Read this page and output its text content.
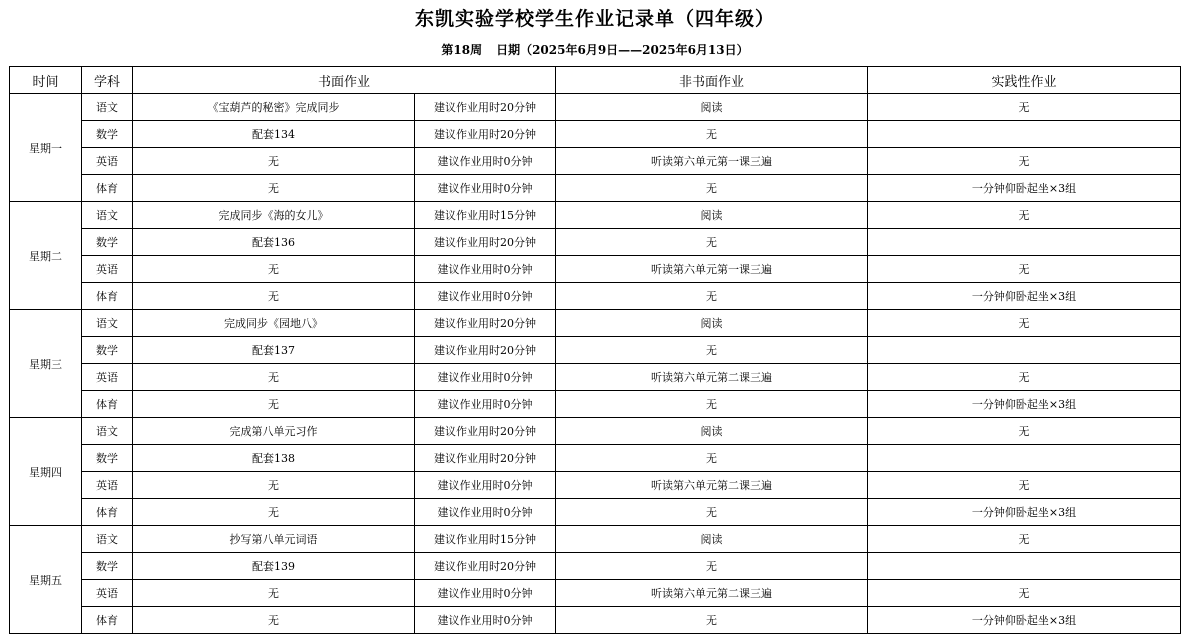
东凯实验学校学生作业记录单（四年级）
第18周 日期（2025年6月9日——2025年6月13日）
时间	学科	书面作业		非书面作业	实践性作业
星期一	语文	《宝葫芦的秘密》完成同步	建议作业用时20分钟	阅读	无
	数学	配套134	建议作业用时20分钟	无	
	英语	无	建议作业用时0分钟	听读第六单元第一课三遍	无
	体育	无	建议作业用时0分钟	无	一分钟仰卧起坐×3组
星期二	语文	完成同步《海的女儿》	建议作业用时15分钟	阅读	无
	数学	配套136	建议作业用时20分钟	无	
	英语	无	建议作业用时0分钟	听读第六单元第一课三遍	无
	体育	无	建议作业用时0分钟	无	一分钟仰卧起坐×3组
星期三	语文	完成同步《园地八》	建议作业用时20分钟	阅读	无
	数学	配套137	建议作业用时20分钟	无	
	英语	无	建议作业用时0分钟	听读第六单元第二课三遍	无
	体育	无	建议作业用时0分钟	无	一分钟仰卧起坐×3组
星期四	语文	完成第八单元习作	建议作业用时20分钟	阅读	无
	数学	配套138	建议作业用时20分钟	无	
	英语	无	建议作业用时0分钟	听读第六单元第二课三遍	无
	体育	无	建议作业用时0分钟	无	一分钟仰卧起坐×3组
星期五	语文	抄写第八单元词语	建议作业用时15分钟	阅读	无
	数学	配套139	建议作业用时20分钟	无	
	英语	无	建议作业用时0分钟	听读第六单元第二课三遍	无
	体育	无	建议作业用时0分钟	无	一分钟仰卧起坐×3组
